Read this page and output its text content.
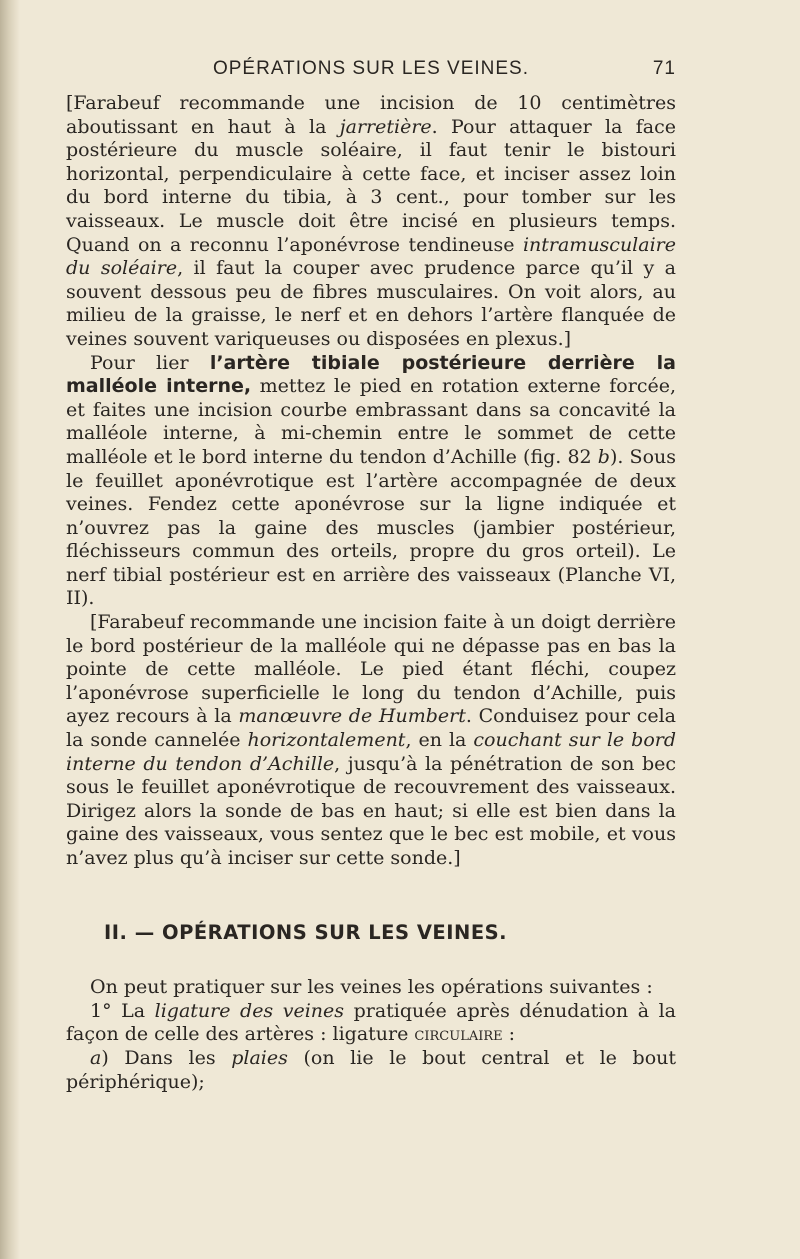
OPÉRATIONS SUR LES VEINES.	71

[Farabeuf recommande une incision de 10 centimètres aboutissant en haut à la jarretière. Pour attaquer la face postérieure du muscle soléaire, il faut tenir le bistouri horizontal, perpendiculaire à cette face, et inciser assez loin du bord interne du tibia, à 3 cent., pour tomber sur les vaisseaux. Le muscle doit être incisé en plusieurs temps. Quand on a reconnu l’aponévrose tendineuse intramusculaire du soléaire, il faut la couper avec prudence parce qu’il y a souvent dessous peu de fibres musculaires. On voit alors, au milieu de la graisse, le nerf et en dehors l’artère flanquée de veines souvent variqueuses ou disposées en plexus.]

Pour lier l’artère tibiale postérieure derrière la malléole interne, mettez le pied en rotation externe forcée, et faites une incision courbe embrassant dans sa concavité la malléole interne, à mi-chemin entre le sommet de cette malléole et le bord interne du tendon d’Achille (fig. 82 b). Sous le feuillet aponévrotique est l’artère accompagnée de deux veines. Fendez cette aponévrose sur la ligne indiquée et n’ouvrez pas la gaine des muscles (jambier postérieur, fléchisseurs commun des orteils, propre du gros orteil). Le nerf tibial postérieur est en arrière des vaisseaux (Planche VI, II).

[Farabeuf recommande une incision faite à un doigt derrière le bord postérieur de la malléole qui ne dépasse pas en bas la pointe de cette malléole. Le pied étant fléchi, coupez l’aponévrose superficielle le long du tendon d’Achille, puis ayez recours à la manœuvre de Humbert. Conduisez pour cela la sonde cannelée horizontalement, en la couchant sur le bord interne du tendon d’Achille, jusqu’à la pénétration de son bec sous le feuillet aponévrotique de recouvrement des vaisseaux. Dirigez alors la sonde de bas en haut; si elle est bien dans la gaine des vaisseaux, vous sentez que le bec est mobile, et vous n’avez plus qu’à inciser sur cette sonde.]

II. — OPÉRATIONS SUR LES VEINES.

On peut pratiquer sur les veines les opérations suivantes :

1° La ligature des veines pratiquée après dénudation à la façon de celle des artères : ligature circulaire :

a) Dans les plaies (on lie le bout central et le bout périphérique);
